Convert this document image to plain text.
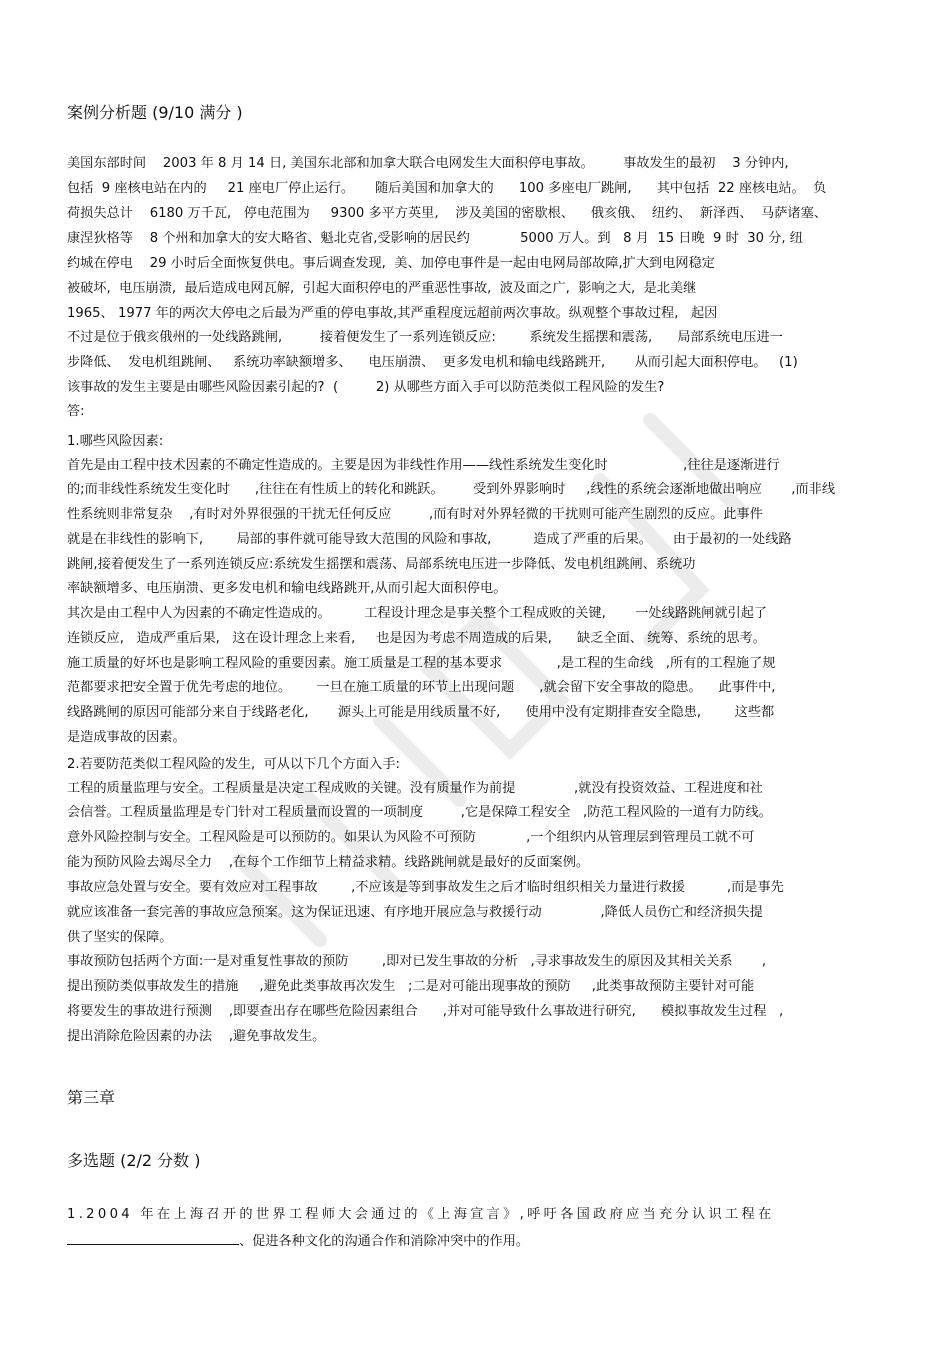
案例分析题 (9/10 满分 )
美国东部时间    2003 年 8 月 14 日, 美国东北部和加拿大联合电网发生大面积停电事故。       事故发生的最初    3 分钟内,
包括  9 座核电站在内的     21 座电厂停止运行。     随后美国和加拿大的      100 多座电厂跳闸,      其中包括  22 座核电站。  负
荷损失总计    6180 万千瓦,   停电范围为     9300 多平方英里,    涉及美国的密歇根、    俄亥俄、  纽约、  新泽西、  马萨诸塞、
康涅狄格等    8 个州和加拿大的安大略省、魁北克省,受影响的居民约            5000 万人。到   8 月  15 日晚  9 时  30 分, 纽
约城在停电    29 小时后全面恢复供电。事后调查发现,  美、加停电事件是一起由电网局部故障,扩大到电网稳定
被破坏,  电压崩溃,  最后造成电网瓦解,  引起大面积停电的严重恶性事故,  波及面之广,  影响之大,  是北美继
1965、 1977 年的两次大停电之后最为严重的停电事故,其严重程度远超前两次事故。纵观整个事故过程,   起因
不过是位于俄亥俄州的一处线路跳闸,         接着便发生了一系列连锁反应:        系统发生摇摆和震荡,      局部系统电压进一
步降低、  发电机组跳闸、   系统功率缺额增多、    电压崩溃、  更多发电机和输电线路跳开,       从而引起大面积停电。   (1)
该事故的发生主要是由哪些风险因素引起的?  (         2) 从哪些方面入手可以防范类似工程风险的发生?
答:
1.哪些风险因素:
首先是由工程中技术因素的不确定性造成的。主要是因为非线性作用——线性系统发生变化时                  ,往往是逐渐进行
的;而非线性系统发生变化时      ,往往在有性质上的转化和跳跃。       受到外界影响时     ,线性的系统会逐渐地做出响应       ,而非线
性系统则非常复杂    ,有时对外界很强的干扰无任何反应         ,而有时对外界轻微的干扰则可能产生剧烈的反应。此事件
就是在非线性的影响下,        局部的事件就可能导致大范围的风险和事故,          造成了严重的后果。     由于最初的一处线路
跳闸,接着便发生了一系列连锁反应:系统发生摇摆和震荡、局部系统电压进一步降低、发电机组跳闸、系统功
率缺额增多、电压崩溃、更多发电机和输电线路跳开,从而引起大面积停电。
其次是由工程中人为因素的不确定性造成的。        工程设计理念是事关整个工程成败的关键,       一处线路跳闸就引起了
连锁反应,   造成严重后果,   这在设计理念上来看,     也是因为考虑不周造成的后果,      缺乏全面、 统筹、系统的思考。
施工质量的好坏也是影响工程风险的重要因素。施工质量是工程的基本要求             ,是工程的生命线   ,所有的工程施了规
范都要求把安全置于优先考虑的地位。      一旦在施工质量的环节上出现问题      ,就会留下安全事故的隐患。    此事件中,
线路跳闸的原因可能部分来自于线路老化,       源头上可能是用线质量不好,      使用中没有定期排查安全隐患,        这些都
是造成事故的因素。
2.若要防范类似工程风险的发生,  可从以下几个方面入手:
工程的质量监理与安全。工程质量是决定工程成败的关键。没有质量作为前提              ,就没有投资效益、工程进度和社
会信誉。工程质量监理是专门针对工程质量而设置的一项制度         ,它是保障工程安全   ,防范工程风险的一道有力防线。
意外风险控制与安全。工程风险是可以预防的。如果认为风险不可预防            ,一个组织内从管理层到管理员工就不可
能为预防风险去竭尽全力    ,在每个工作细节上精益求精。线路跳闸就是最好的反面案例。
事故应急处置与安全。要有效应对工程事故        ,不应该是等到事故发生之后才临时组织相关力量进行救援          ,而是事先
就应该准备一套完善的事故应急预案。这为保证迅速、有序地开展应急与救援行动              ,降低人员伤亡和经济损失提
供了坚实的保障。
事故预防包括两个方面:一是对重复性事故的预防        ,即对已发生事故的分析   ,寻求事故发生的原因及其相关关系       ,
提出预防类似事故发生的措施     ,避免此类事故再次发生   ;二是对可能出现事故的预防     ,此类事故预防主要针对可能
将要发生的事故进行预测    ,即要查出存在哪些危险因素组合      ,并对可能导致什么事故进行研究,      模拟事故发生过程   ,
提出消除危险因素的办法    ,避免事故发生。
第三章
多选题 (2/2 分数 )
1.2004 年在上海召开的世界工程师大会通过的《上海宣言》,呼吁各国政府应当充分认识工程在
、促进各种文化的沟通合作和消除冲突中的作用。
